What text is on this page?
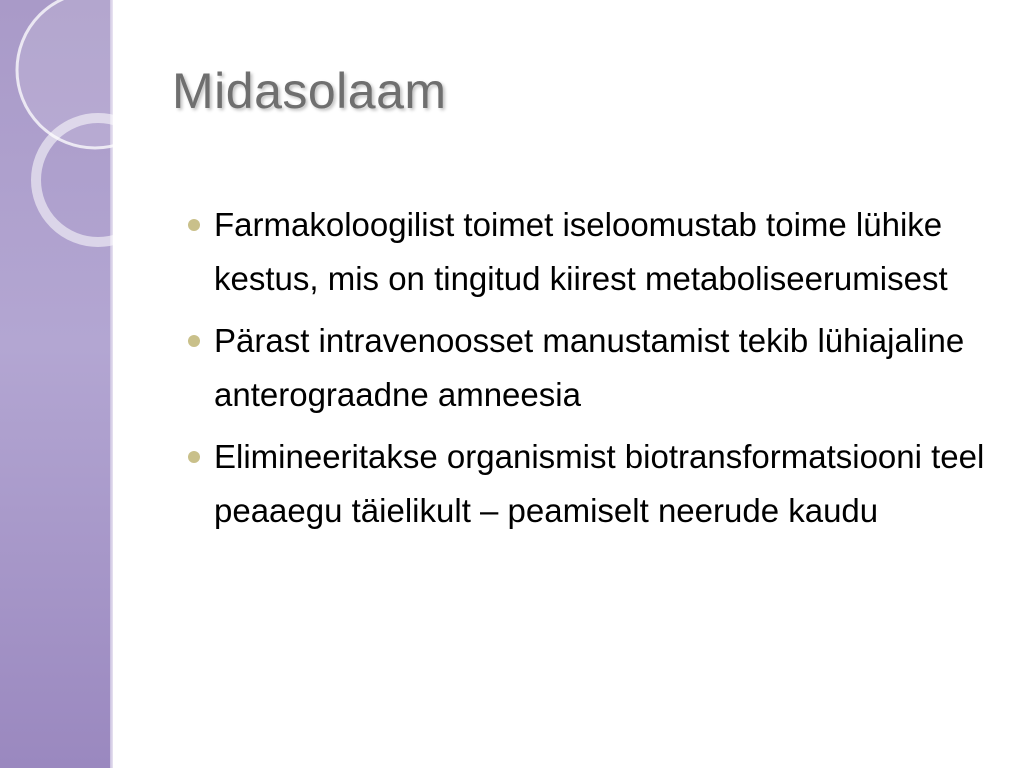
Midasolaam
Farmakoloogilist toimet iseloomustab toime lühike kestus, mis on tingitud kiirest metaboliseerumisest
Pärast intravenoosset manustamist tekib lühiajaline anterograadne amneesia
Elimineeritakse organismist biotransformatsiooni teel peaaegu täielikult – peamiselt neerude kaudu
